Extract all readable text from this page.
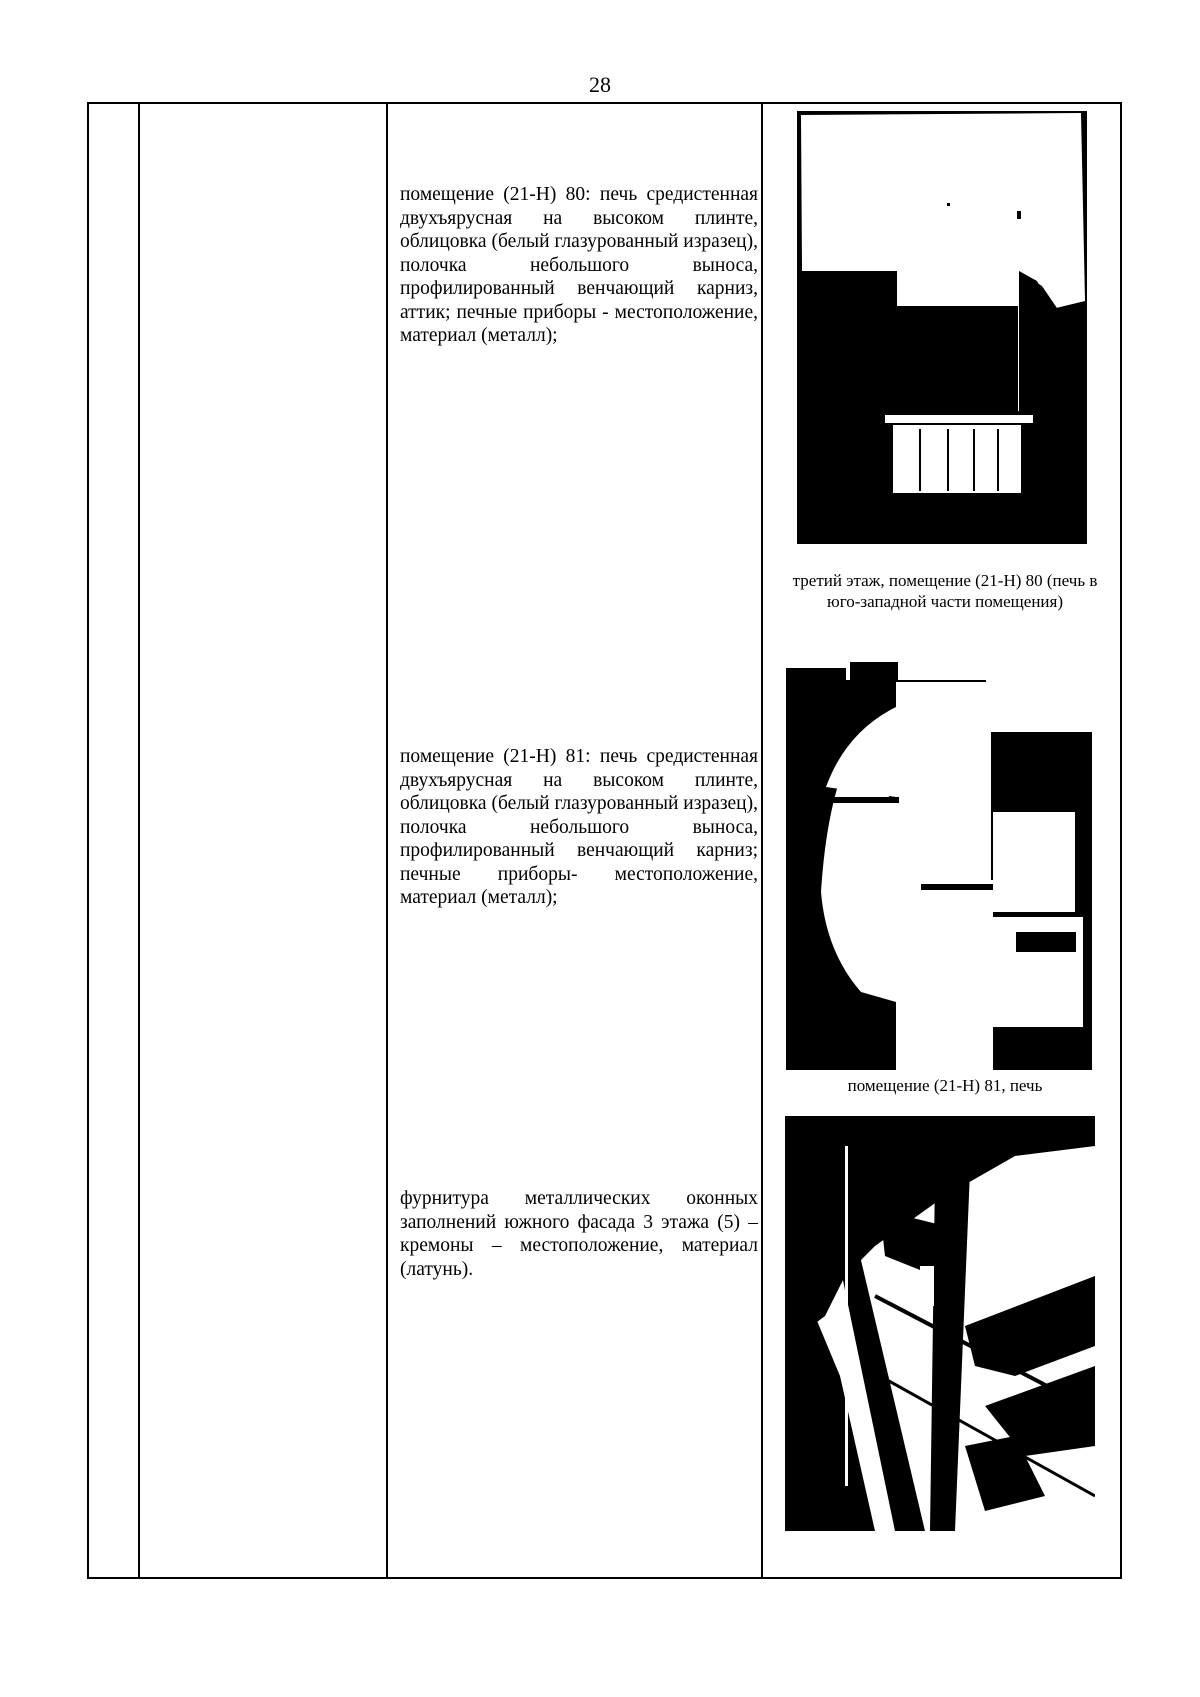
28
помещение (21-Н) 80: печь средистенная двухъярусная на высоком плинте, облицовка (белый глазурованный изразец), полочка небольшого выноса, профилированный венчающий карниз, аттик; печные приборы - местоположение, материал (металл);
третий этаж, помещение (21-Н) 80 (печь в юго-западной части помещения)
помещение (21-Н) 81: печь средистенная двухъярусная на высоком плинте, облицовка (белый глазурованный изразец), полочка небольшого выноса, профилированный венчающий карниз; печные приборы- местоположение, материал (металл);
помещение (21-Н) 81, печь
фурнитура металлических оконных заполнений южного фасада 3 этажа (5) – кремоны – местоположение, материал (латунь).
